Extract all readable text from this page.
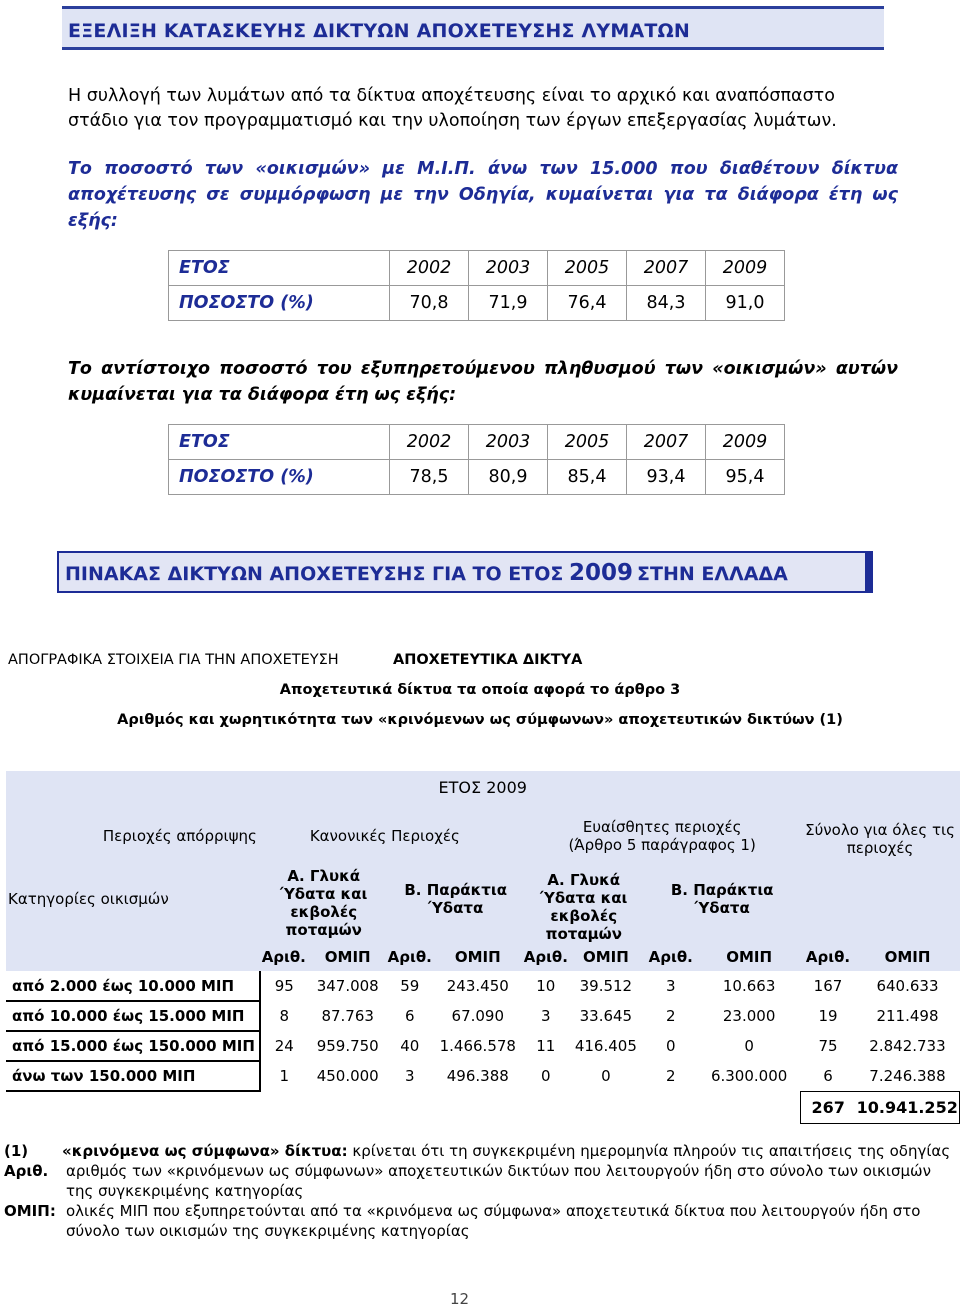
ΕΞΕΛΙΞΗ ΚΑΤΑΣΚΕΥΗΣ ΔΙΚΤΥΩΝ ΑΠΟΧΕΤΕΥΣΗΣ ΛΥΜΑΤΩΝ
Η συλλογή των λυμάτων από τα δίκτυα αποχέτευσης είναι το αρχικό και αναπόσπαστο στάδιο για τον προγραμματισμό και την υλοποίηση των έργων επεξεργασίας λυμάτων.
Το ποσοστό των «οικισμών» με Μ.Ι.Π. άνω των 15.000 που διαθέτουν δίκτυα αποχέτευσης σε συμμόρφωση με την Οδηγία, κυμαίνεται για τα διάφορα έτη ως εξής:
ΕΤΟΣ	2002	2003	2005	2007	2009
ΠΟΣΟΣΤΟ (%)	70,8	71,9	76,4	84,3	91,0
Το αντίστοιχο ποσοστό του εξυπηρετούμενου πληθυσμού των «οικισμών» αυτών κυμαίνεται για τα διάφορα έτη ως εξής:
ΕΤΟΣ	2002	2003	2005	2007	2009
ΠΟΣΟΣΤΟ (%)	78,5	80,9	85,4	93,4	95,4
ΠΙΝΑΚΑΣ ΔΙΚΤΥΩΝ ΑΠΟΧΕΤΕΥΣΗΣ ΓΙΑ ΤΟ ΕΤΟΣ 2009 ΣΤΗΝ ΕΛΛΑΔΑ
ΑΠΟΓΡΑΦΙΚΑ ΣΤΟΙΧΕΙΑ ΓΙΑ ΤΗΝ ΑΠΟΧΕΤΕΥΣΗ	ΑΠΟΧΕΤΕΥΤΙΚΑ ΔΙΚΤΥΑ
Αποχετευτικά δίκτυα τα οποία αφορά το άρθρο 3
Αριθμός και χωρητικότητα των «κρινόμενων ως σύμφωνων» αποχετευτικών δικτύων (1)
ΕΤΟΣ 2009										

Περιοχές απόρριψης	Κανονικές Περιοχές				Ευαίσθητες περιοχές (Άρθρο 5 παράγραφος 1)				Σύνολο για όλες τις περιοχές	
Κατηγορίες οικισμών	Α. Γλυκά Ύδατα και εκβολές ποταμών		Β. Παράκτια Ύδατα		Α. Γλυκά Ύδατα και εκβολές ποταμών		Β. Παράκτια Ύδατα			
	Αριθ.	ΟΜΙΠ	Αριθ.	ΟΜΙΠ	Αριθ.	ΟΜΙΠ	Αριθ.	ΟΜΙΠ	Αριθ.	ΟΜΙΠ
από 2.000 έως 10.000 ΜΙΠ	95	347.008	59	243.450	10	39.512	3	10.663	167	640.633
από 10.000 έως 15.000 ΜΙΠ	8	87.763	6	67.090	3	33.645	2	23.000	19	211.498
από 15.000 έως 150.000 ΜΙΠ	24	959.750	40	1.466.578	11	416.405	0	0	75	2.842.733
άνω των 150.000 ΜΙΠ	1	450.000	3	496.388	0	0	2	6.300.000	6	7.246.388
									267	10.941.252
(1) «κρινόμενα ως σύμφωνα» δίκτυα: κρίνεται ότι τη συγκεκριμένη ημερομηνία πληρούν τις απαιτήσεις της οδηγίας
Αριθ. αριθμός των «κρινόμενων ως σύμφωνων» αποχετευτικών δικτύων που λειτουργούν ήδη στο σύνολο των οικισμών της συγκεκριμένης κατηγορίας
ΟΜΙΠ: ολικές ΜΙΠ που εξυπηρετούνται από τα «κρινόμενα ως σύμφωνα» αποχετευτικά δίκτυα που λειτουργούν ήδη στο σύνολο των οικισμών της συγκεκριμένης κατηγορίας
12
